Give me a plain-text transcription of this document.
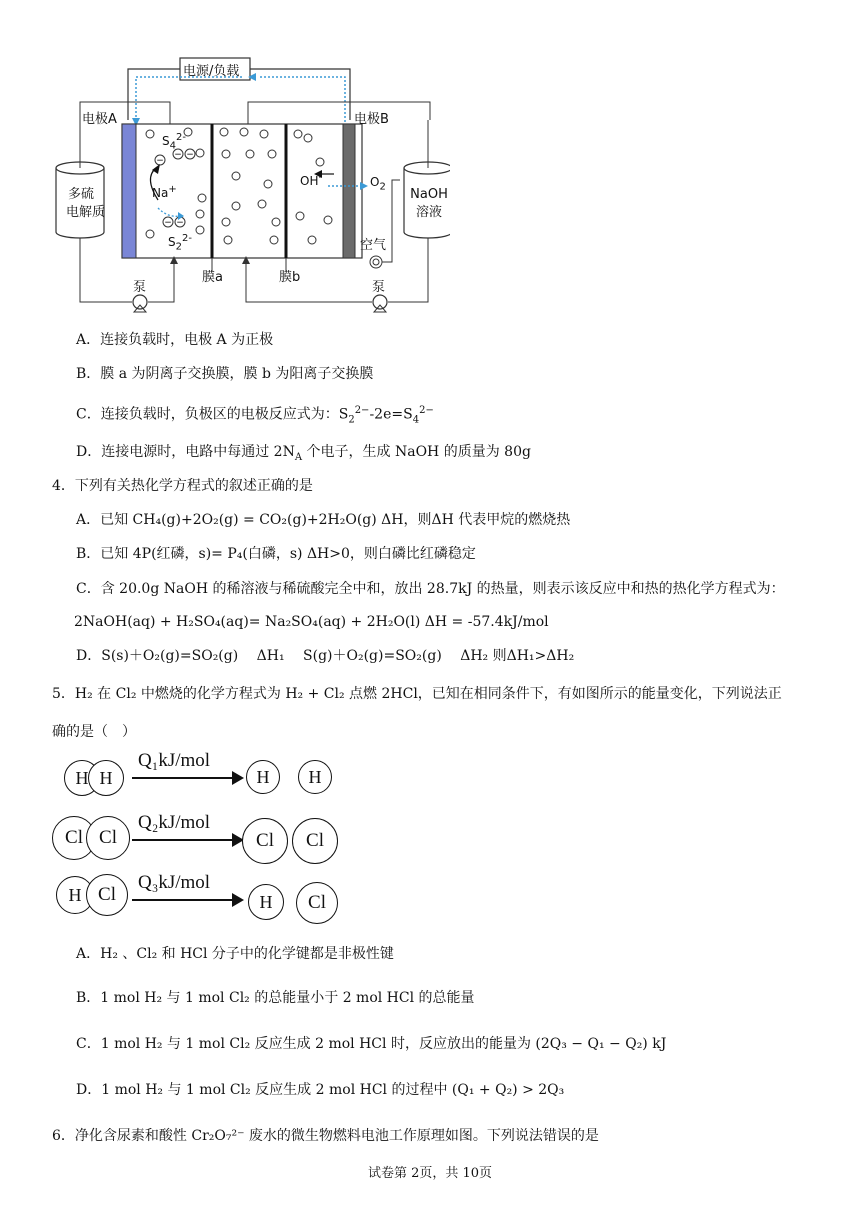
− −
−
− −
电源/负载
电极A	电极B
多硫
电解质
NaOH
溶液
$S_4^{2-}$
Na+
$S_2^{2-}$
OH-	$O_2$
空气
膜a	膜b
泵	泵
A．连接负载时，电极 A 为正极
B．膜 a 为阴离子交换膜，膜 b 为阳离子交换膜
C．连接负载时，负极区的电极反应式为：$S_2^{2-}-2e=S_4^{2-}$
D．连接电源时，电路中每通过 $2N_A$ 个电子，生成 NaOH 的质量为 80g
4．下列有关热化学方程式的叙述正确的是
A．已知 CH₄(g)+2O₂(g) = CO₂(g)+2H₂O(g) ΔH，则ΔH 代表甲烷的燃烧热
B．已知 4P(红磷，s)= P₄(白磷，s) ΔH>0，则白磷比红磷稳定
C．含 20.0g NaOH 的稀溶液与稀硫酸完全中和，放出 28.7kJ 的热量，则表示该反应中和热的热化学方程式为：
2NaOH(aq) + H₂SO₄(aq)= Na₂SO₄(aq) + 2H₂O(l) ΔH = -57.4kJ/mol
D．S(s)＋O₂(g)=SO₂(g)　 ΔH₁　 S(g)＋O₂(g)=SO₂(g)　 ΔH₂ 则ΔH₁>ΔH₂
5．H₂ 在 Cl₂ 中燃烧的化学方程式为 H₂ + Cl₂ 点燃 2HCl，已知在相同条件下，有如图所示的能量变化，下列说法正
确的是（　）
H H
Q₁kJ/mol
H	H
Cl Cl
Q₂kJ/mol
Cl	Cl
H Cl
Q₃kJ/mol
H	Cl
A．H₂ 、Cl₂ 和 HCl 分子中的化学键都是非极性键
B．1 mol H₂ 与 1 mol Cl₂ 的总能量小于 2 mol HCl 的总能量
C．1 mol H₂ 与 1 mol Cl₂ 反应生成 2 mol HCl 时，反应放出的能量为 (2Q₃ − Q₁ − Q₂) kJ
D．1 mol H₂ 与 1 mol Cl₂ 反应生成 2 mol HCl 的过程中 (Q₁ + Q₂) > 2Q₃
6．净化含尿素和酸性 Cr₂O₇²⁻ 废水的微生物燃料电池工作原理如图。下列说法错误的是
试卷第 2页，共 10页
